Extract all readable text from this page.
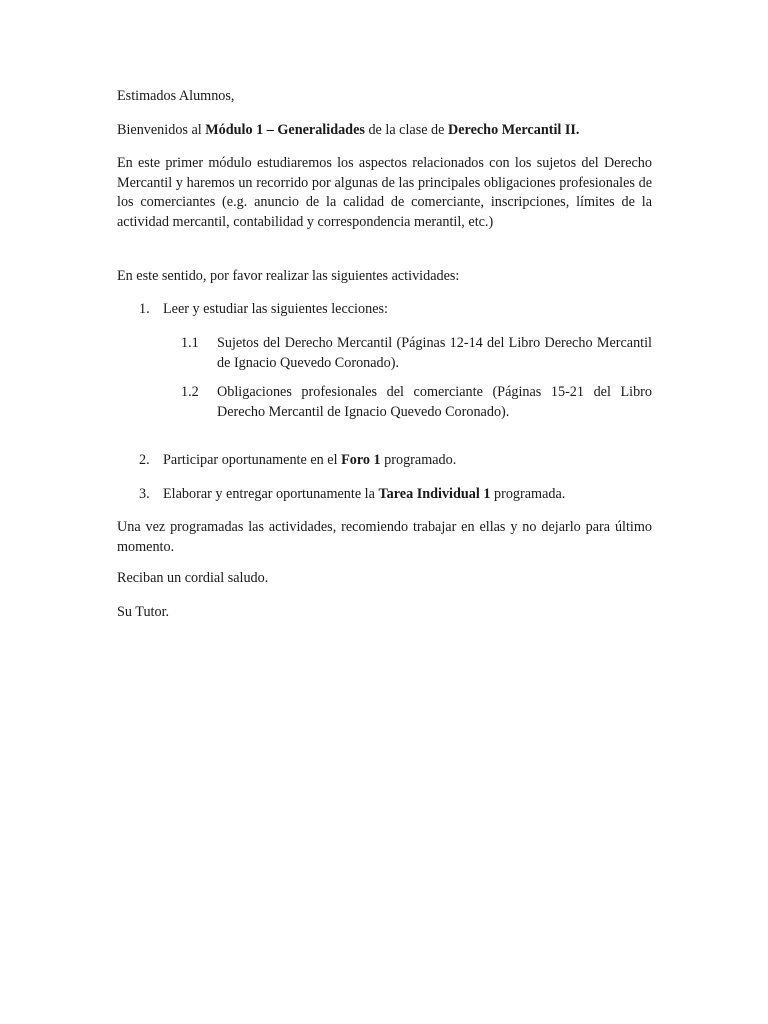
Estimados Alumnos,

Bienvenidos al Módulo 1 – Generalidades de la clase de Derecho Mercantil II.

En este primer módulo estudiaremos los aspectos relacionados con los sujetos del Derecho Mercantil y haremos un recorrido por algunas de las principales obligaciones profesionales de los comerciantes (e.g. anuncio de la calidad de comerciante, inscripciones, límites de la actividad mercantil, contabilidad y correspondencia merantil, etc.)

En este sentido, por favor realizar las siguientes actividades:

1. Leer y estudiar las siguientes lecciones:
1.1	Sujetos del Derecho Mercantil (Páginas 12-14 del Libro Derecho Mercantil de Ignacio Quevedo Coronado).
1.2	Obligaciones profesionales del comerciante (Páginas 15-21 del Libro Derecho Mercantil de Ignacio Quevedo Coronado).
2. Participar oportunamente en el Foro 1 programado.
3. Elaborar y entregar oportunamente la Tarea Individual 1 programada.

Una vez programadas las actividades, recomiendo trabajar en ellas y no dejarlo para último momento.

Reciban un cordial saludo.

Su Tutor.
